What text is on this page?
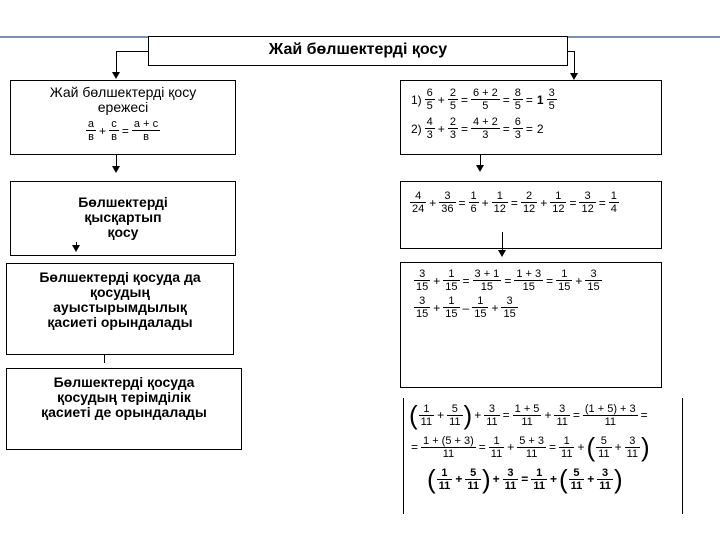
Жай бөлшектерді қосу
Жай бөлшектерді қосу
ережесі
$\frac{a}{в} + \frac{c}{в} = \frac{a + c}{в}$
Бөлшектерді
қысқартып
қосу
Бөлшектерді қосуда да
қосудың
ауыстырымдылық
қасиеті орындалады
Бөлшектерді қосуда
қосудың терімділік
қасиеті де орындалады
$1) \frac{6}{5} + \frac{2}{5} = \frac{6 + 2}{5} = \frac{8}{5} = 1 \frac{3}{5}$
$2) \frac{4}{3} + \frac{2}{3} = \frac{4 + 2}{3} = \frac{6}{3} = 2$
$\frac{4}{24} + \frac{3}{36} = \frac{1}{6} + \frac{1}{12} = \frac{2}{12} + \frac{1}{12} = \frac{3}{12} = \frac{1}{4}$
$\frac{3}{15} + \frac{1}{15} = \frac{3 + 1}{15} = \frac{1 + 3}{15} = \frac{1}{15} + \frac{3}{15}$
$\frac{3}{15} + \frac{1}{15} - \frac{1}{15} + \frac{3}{15}$
( $\frac{1}{11} + \frac{5}{11}$ ) + $\frac{3}{11} = \frac{1 + 5}{11} + \frac{3}{11} = \frac{(1 + 5) + 3}{11}$ =
= $\frac{1 + (5 + 3)}{11} = \frac{1}{11} + \frac{5 + 3}{11} = \frac{1}{11}$ + ( $\frac{5}{11} + \frac{3}{11}$ )
( $\frac{1}{11} + \frac{5}{11}$ ) + $\frac{3}{11} = \frac{1}{11}$ + ( $\frac{5}{11} + \frac{3}{11}$ )
